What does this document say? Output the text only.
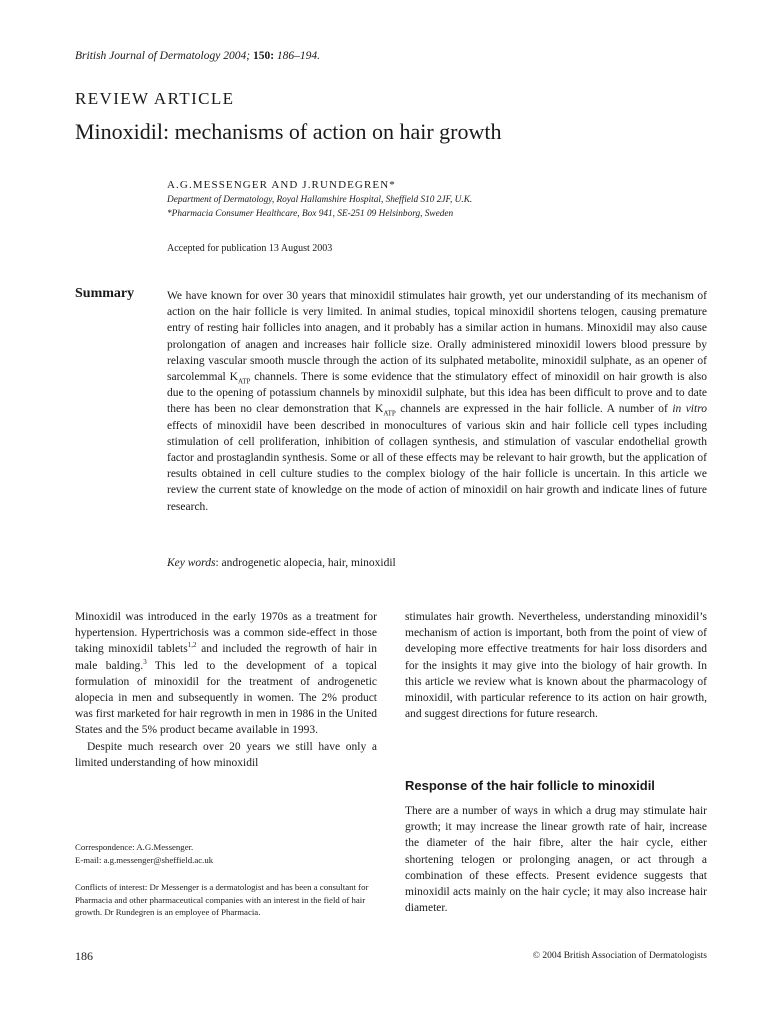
British Journal of Dermatology 2004; 150: 186–194.
REVIEW ARTICLE
Minoxidil: mechanisms of action on hair growth
A.G.MESSENGER AND J.RUNDEGREN*
Department of Dermatology, Royal Hallamshire Hospital, Sheffield S10 2JF, U.K.
*Pharmacia Consumer Healthcare, Box 941, SE-251 09 Helsinborg, Sweden
Accepted for publication 13 August 2003
Summary	We have known for over 30 years that minoxidil stimulates hair growth, yet our understanding of its mechanism of action on the hair follicle is very limited. In animal studies, topical minoxidil shortens telogen, causing premature entry of resting hair follicles into anagen, and it probably has a similar action in humans. Minoxidil may also cause prolongation of anagen and increases hair follicle size. Orally administered minoxidil lowers blood pressure by relaxing vascular smooth muscle through the action of its sulphated metabolite, minoxidil sulphate, as an opener of sarcolemmal $K_{ATP}$ channels. There is some evidence that the stimulatory effect of minoxidil on hair growth is also due to the opening of potassium channels by minoxidil sulphate, but this idea has been difficult to prove and to date there has been no clear demonstration that $K_{ATP}$ channels are expressed in the hair follicle. A number of in vitro effects of minoxidil have been described in monocultures of various skin and hair follicle cell types including stimulation of cell proliferation, inhibition of collagen synthesis, and stimulation of vascular endothelial growth factor and prostaglandin synthesis. Some or all of these effects may be relevant to hair growth, but the application of results obtained in cell culture studies to the complex biology of the hair follicle is uncertain. In this article we review the current state of knowledge on the mode of action of minoxidil on hair growth and indicate lines of future research.
Key words: androgenetic alopecia, hair, minoxidil

Minoxidil was introduced in the early 1970s as a treatment for hypertension. Hypertrichosis was a common side-effect in those taking minoxidil tablets$^{1,2}$ and included the regrowth of hair in male balding.$^3$ This led to the development of a topical formulation of minoxidil for the treatment of androgenetic alopecia in men and subsequently in women. The 2% product was first marketed for hair regrowth in men in 1986 in the United States and the 5% product became available in 1993.

Despite much research over 20 years we still have only a limited understanding of how minoxidil

stimulates hair growth. Nevertheless, understanding minoxidil’s mechanism of action is important, both from the point of view of developing more effective treatments for hair loss disorders and for the insights it may give into the biology of hair growth. In this article we review what is known about the pharmacology of minoxidil, with particular reference to its action on hair growth, and suggest directions for future research.

Response of the hair follicle to minoxidil

There are a number of ways in which a drug may stimulate hair growth; it may increase the linear growth rate of hair, increase the diameter of the hair fibre, alter the hair cycle, either shortening telogen or prolonging anagen, or act through a combination of these effects. Present evidence suggests that minoxidil acts mainly on the hair cycle; it may also increase hair diameter.

Correspondence: A.G.Messenger.
E-mail: a.g.messenger@sheffield.ac.uk
Conflicts of interest: Dr Messenger is a dermatologist and has been a consultant for Pharmacia and other pharmaceutical companies with an interest in the field of hair growth. Dr Rundegren is an employee of Pharmacia.
186	© 2004 British Association of Dermatologists
